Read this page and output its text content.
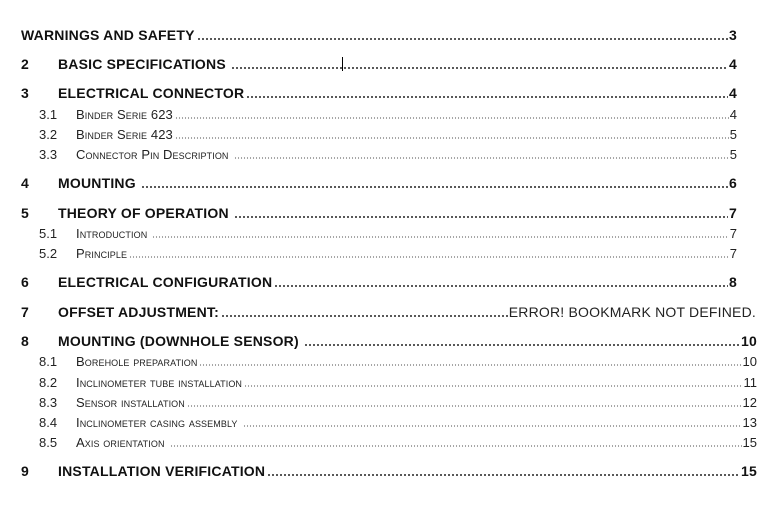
WARNINGS AND SAFETY	3
2	BASIC SPECIFICATIONS	4
3	ELECTRICAL CONNECTOR	4
3.1	Binder Serie 623	4
3.2	Binder Serie 423	5
3.3	Connector Pin Description	5
4	MOUNTING	6
5	THEORY OF OPERATION	7
5.1	Introduction	7
5.2	Principle	7
6	ELECTRICAL CONFIGURATION	8
7	OFFSET ADJUSTMENT:	ERROR! BOOKMARK NOT DEFINED.
8	MOUNTING (DOWNHOLE SENSOR)	10
8.1	Borehole preparation	10
8.2	Inclinometer tube installation	11
8.3	Sensor installation	12
8.4	Inclinometer casing assembly	13
8.5	Axis orientation	15
9	INSTALLATION VERIFICATION	15
